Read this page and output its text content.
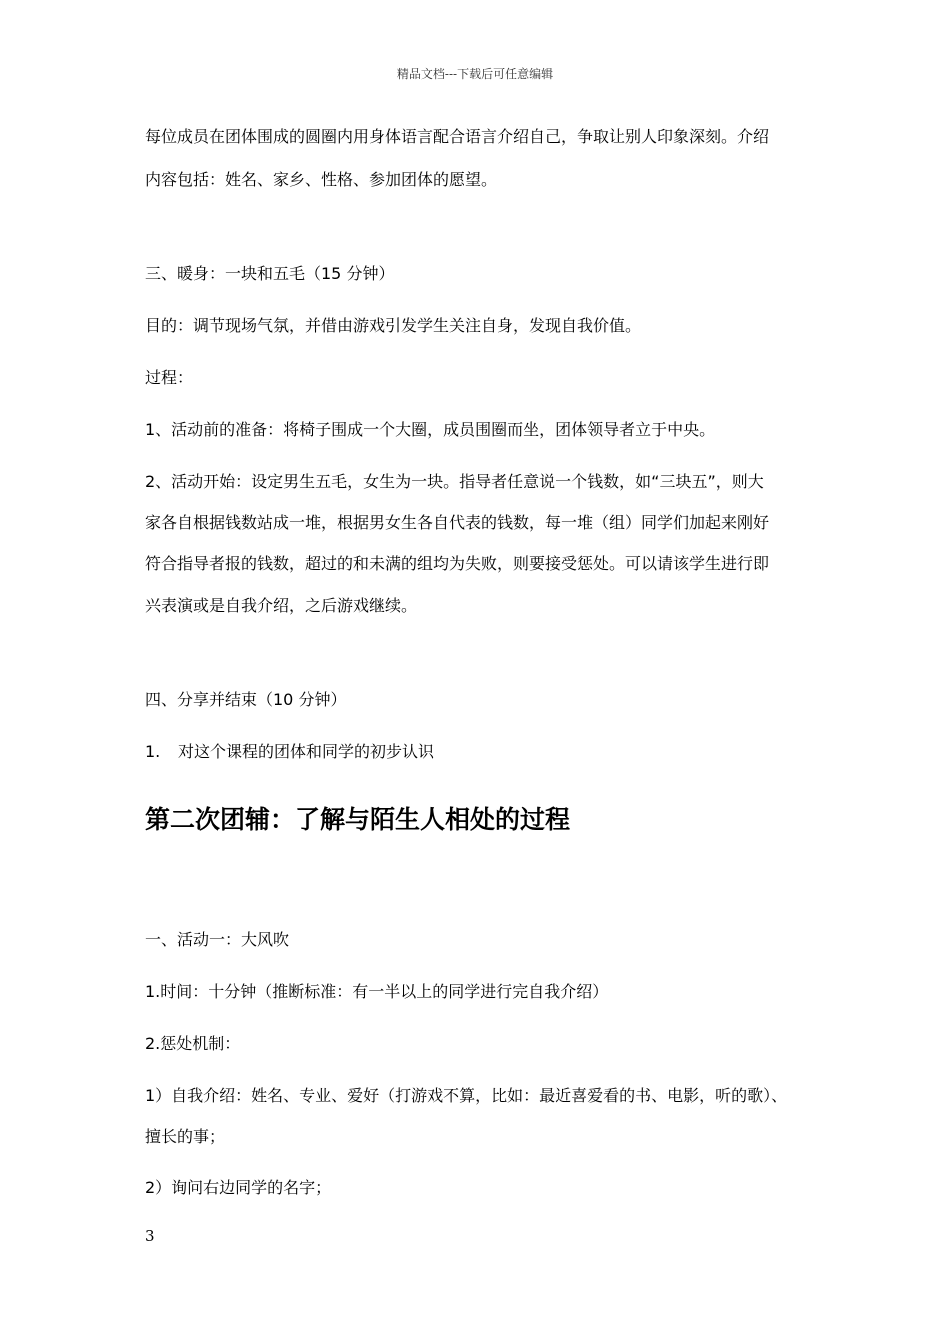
精品文档---下载后可任意编辑
每位成员在团体围成的圆圈内用身体语言配合语言介绍自己，争取让别人印象深刻。介绍
内容包括：姓名、家乡、性格、参加团体的愿望。
三、暖身：一块和五毛（15 分钟）
目的：调节现场气氛，并借由游戏引发学生关注自身，发现自我价值。
过程：
1、活动前的准备：将椅子围成一个大圈，成员围圈而坐，团体领导者立于中央。
2、活动开始：设定男生五毛，女生为一块。指导者任意说一个钱数，如“三块五”，则大
家各自根据钱数站成一堆，根据男女生各自代表的钱数，每一堆（组）同学们加起来刚好
符合指导者报的钱数，超过的和未满的组均为失败，则要接受惩处。可以请该学生进行即
兴表演或是自我介绍，之后游戏继续。
四、分享并结束（10 分钟）
1. 对这个课程的团体和同学的初步认识
第二次团辅：了解与陌生人相处的过程
一、活动一：大风吹
1.时间：十分钟（推断标准：有一半以上的同学进行完自我介绍）
2.惩处机制：
1）自我介绍：姓名、专业、爱好（打游戏不算，比如：最近喜爱看的书、电影，听的歌）、
擅长的事；
2）询问右边同学的名字；
3
